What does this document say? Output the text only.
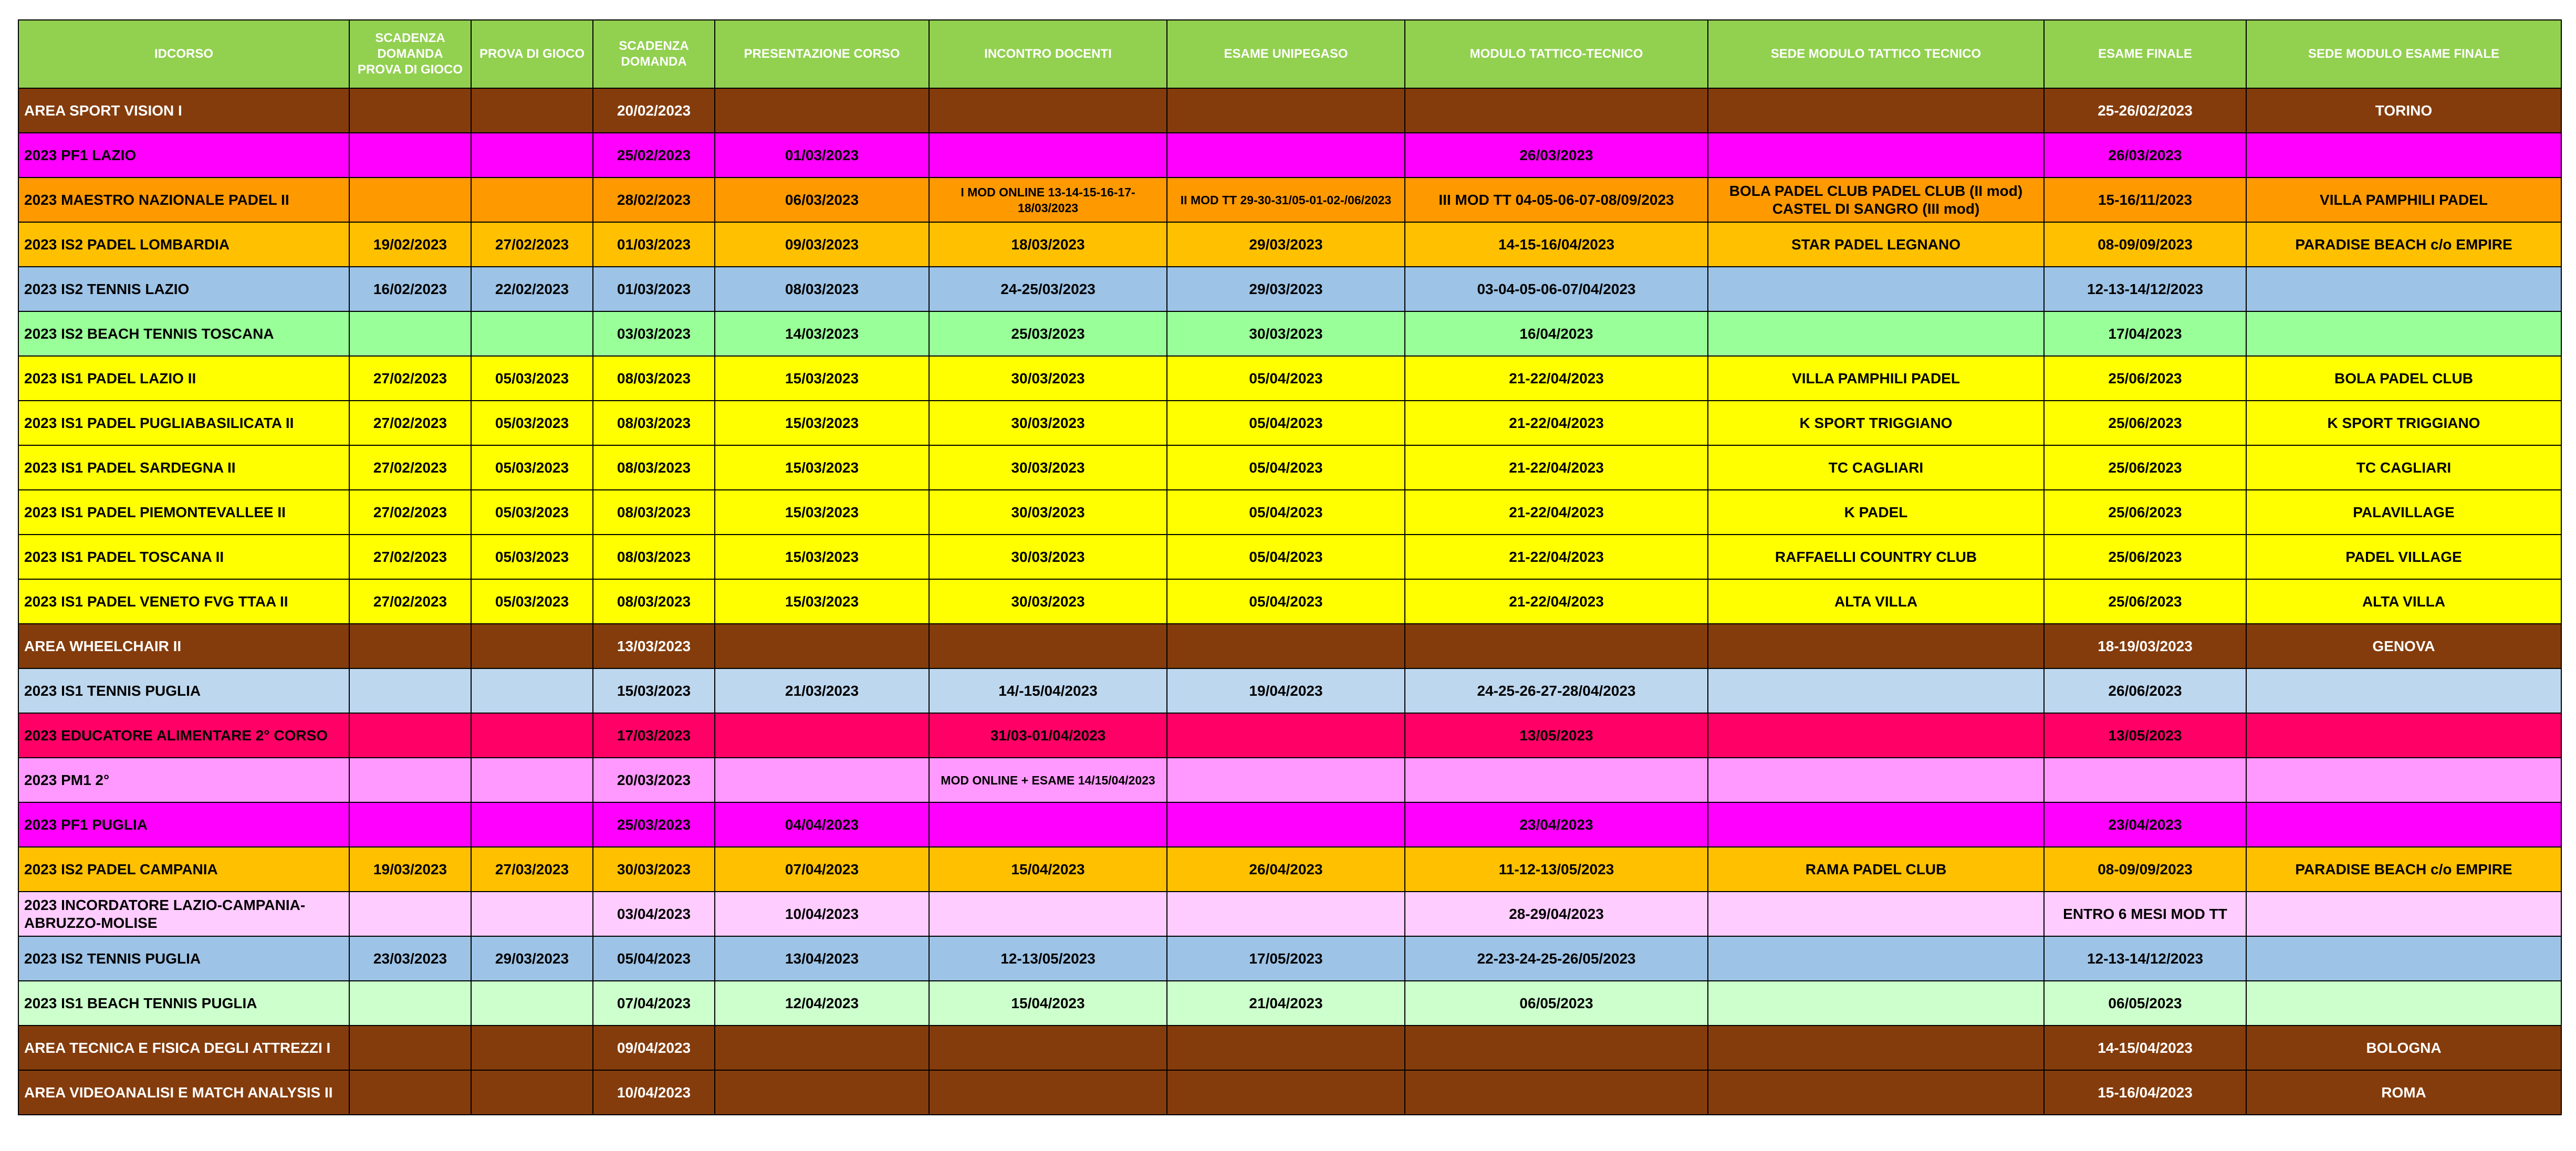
IDCORSO	SCADENZA DOMANDA PROVA DI GIOCO	PROVA DI GIOCO	SCADENZA DOMANDA	PRESENTAZIONE CORSO	INCONTRO DOCENTI	ESAME UNIPEGASO	MODULO TATTICO-TECNICO	SEDE MODULO TATTICO TECNICO	ESAME FINALE	SEDE MODULO ESAME FINALE
AREA SPORT VISION I			20/02/2023						25-26/02/2023	TORINO
2023 PF1 LAZIO			25/02/2023	01/03/2023			26/03/2023		26/03/2023	
2023 MAESTRO NAZIONALE PADEL II			28/02/2023	06/03/2023	I MOD ONLINE 13-14-15-16-17-18/03/2023	II MOD TT 29-30-31/05-01-02-/06/2023	III MOD TT 04-05-06-07-08/09/2023	BOLA PADEL CLUB PADEL CLUB (II mod) CASTEL DI SANGRO (III mod)	15-16/11/2023	VILLA PAMPHILI PADEL
2023 IS2 PADEL LOMBARDIA	19/02/2023	27/02/2023	01/03/2023	09/03/2023	18/03/2023	29/03/2023	14-15-16/04/2023	STAR PADEL LEGNANO	08-09/09/2023	PARADISE BEACH c/o EMPIRE
2023 IS2 TENNIS LAZIO	16/02/2023	22/02/2023	01/03/2023	08/03/2023	24-25/03/2023	29/03/2023	03-04-05-06-07/04/2023		12-13-14/12/2023	
2023 IS2 BEACH TENNIS TOSCANA			03/03/2023	14/03/2023	25/03/2023	30/03/2023	16/04/2023		17/04/2023	
2023 IS1 PADEL LAZIO II	27/02/2023	05/03/2023	08/03/2023	15/03/2023	30/03/2023	05/04/2023	21-22/04/2023	VILLA PAMPHILI PADEL	25/06/2023	BOLA PADEL CLUB
2023 IS1 PADEL PUGLIABASILICATA II	27/02/2023	05/03/2023	08/03/2023	15/03/2023	30/03/2023	05/04/2023	21-22/04/2023	K SPORT TRIGGIANO	25/06/2023	K SPORT TRIGGIANO
2023 IS1 PADEL SARDEGNA II	27/02/2023	05/03/2023	08/03/2023	15/03/2023	30/03/2023	05/04/2023	21-22/04/2023	TC CAGLIARI	25/06/2023	TC CAGLIARI
2023 IS1 PADEL PIEMONTEVALLEE II	27/02/2023	05/03/2023	08/03/2023	15/03/2023	30/03/2023	05/04/2023	21-22/04/2023	K PADEL	25/06/2023	PALAVILLAGE
2023 IS1 PADEL TOSCANA II	27/02/2023	05/03/2023	08/03/2023	15/03/2023	30/03/2023	05/04/2023	21-22/04/2023	RAFFAELLI COUNTRY CLUB	25/06/2023	PADEL VILLAGE
2023 IS1 PADEL VENETO FVG TTAA II	27/02/2023	05/03/2023	08/03/2023	15/03/2023	30/03/2023	05/04/2023	21-22/04/2023	ALTA VILLA	25/06/2023	ALTA VILLA
AREA WHEELCHAIR II			13/03/2023						18-19/03/2023	GENOVA
2023 IS1 TENNIS PUGLIA			15/03/2023	21/03/2023	14/-15/04/2023	19/04/2023	24-25-26-27-28/04/2023		26/06/2023	
2023 EDUCATORE ALIMENTARE 2° CORSO			17/03/2023		31/03-01/04/2023		13/05/2023		13/05/2023	
2023 PM1 2°			20/03/2023		MOD ONLINE + ESAME 14/15/04/2023					
2023 PF1 PUGLIA			25/03/2023	04/04/2023			23/04/2023		23/04/2023	
2023 IS2 PADEL CAMPANIA	19/03/2023	27/03/2023	30/03/2023	07/04/2023	15/04/2023	26/04/2023	11-12-13/05/2023	RAMA PADEL CLUB	08-09/09/2023	PARADISE BEACH c/o EMPIRE
2023 INCORDATORE LAZIO-CAMPANIA-ABRUZZO-MOLISE			03/04/2023	10/04/2023			28-29/04/2023		ENTRO 6 MESI MOD TT	
2023 IS2 TENNIS PUGLIA	23/03/2023	29/03/2023	05/04/2023	13/04/2023	12-13/05/2023	17/05/2023	22-23-24-25-26/05/2023		12-13-14/12/2023	
2023 IS1 BEACH TENNIS PUGLIA			07/04/2023	12/04/2023	15/04/2023	21/04/2023	06/05/2023		06/05/2023	
AREA TECNICA E FISICA DEGLI ATTREZZI I			09/04/2023						14-15/04/2023	BOLOGNA
AREA VIDEOANALISI E MATCH ANALYSIS II			10/04/2023						15-16/04/2023	ROMA
